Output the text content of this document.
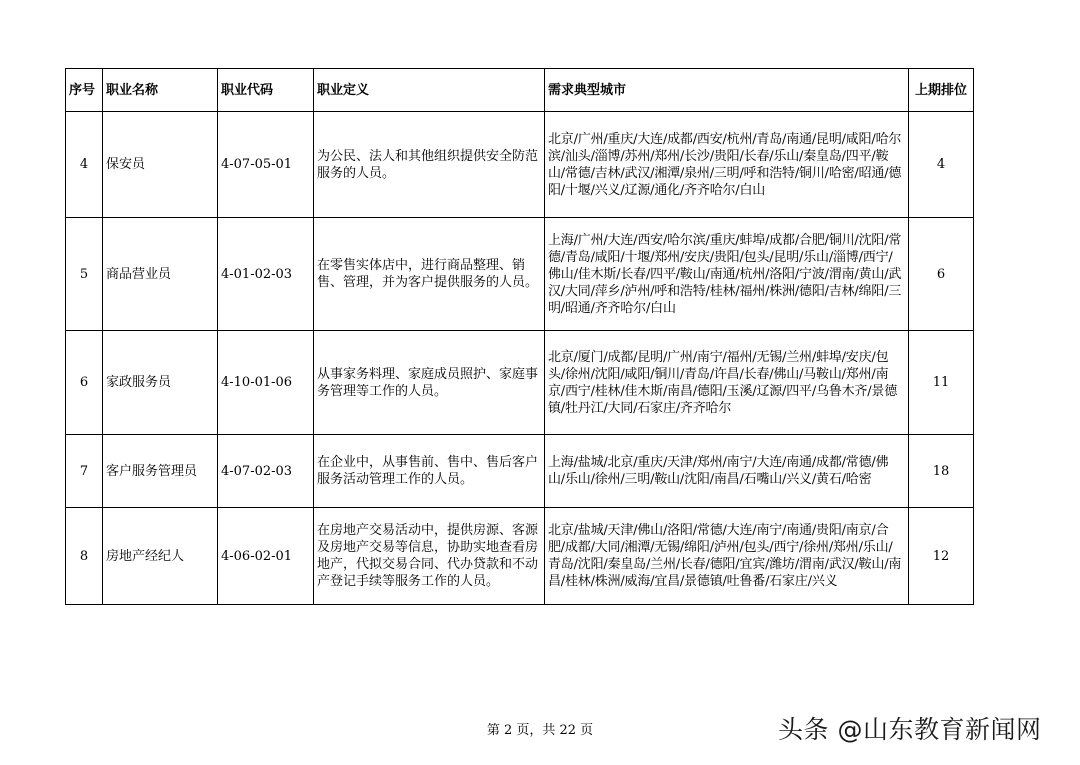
序号	职业名称	职业代码	职业定义	需求典型城市	上期排位
4	保安员	4-07-05-01	为公民、法人和其他组织提供安全防范服务的人员。	北京/广州/重庆/大连/成都/西安/杭州/青岛/南通/昆明/咸阳/哈尔滨/汕头/淄博/苏州/郑州/长沙/贵阳/长春/乐山/秦皇岛/四平/鞍山/常德/吉林/武汉/湘潭/泉州/三明/呼和浩特/铜川/哈密/昭通/德阳/十堰/兴义/辽源/通化/齐齐哈尔/白山	4
5	商品营业员	4-01-02-03	在零售实体店中，进行商品整理、销售、管理，并为客户提供服务的人员。	上海/广州/大连/西安/哈尔滨/重庆/蚌埠/成都/合肥/铜川/沈阳/常德/青岛/咸阳/十堰/郑州/安庆/贵阳/包头/昆明/乐山/淄博/西宁/佛山/佳木斯/长春/四平/鞍山/南通/杭州/洛阳/宁波/渭南/黄山/武汉/大同/萍乡/泸州/呼和浩特/桂林/福州/株洲/德阳/吉林/绵阳/三明/昭通/齐齐哈尔/白山	6
6	家政服务员	4-10-01-06	从事家务料理、家庭成员照护、家庭事务管理等工作的人员。	北京/厦门/成都/昆明/广州/南宁/福州/无锡/兰州/蚌埠/安庆/包头/徐州/沈阳/咸阳/铜川/青岛/许昌/长春/佛山/马鞍山/郑州/南京/西宁/桂林/佳木斯/南昌/德阳/玉溪/辽源/四平/乌鲁木齐/景德镇/牡丹江/大同/石家庄/齐齐哈尔	11
7	客户服务管理员	4-07-02-03	在企业中，从事售前、售中、售后客户服务活动管理工作的人员。	上海/盐城/北京/重庆/天津/郑州/南宁/大连/南通/成都/常德/佛山/乐山/徐州/三明/鞍山/沈阳/南昌/石嘴山/兴义/黄石/哈密	18
8	房地产经纪人	4-06-02-01	在房地产交易活动中，提供房源、客源及房地产交易等信息，协助实地查看房地产，代拟交易合同、代办贷款和不动产登记手续等服务工作的人员。	北京/盐城/天津/佛山/洛阳/常德/大连/南宁/南通/贵阳/南京/合肥/成都/大同/湘潭/无锡/绵阳/泸州/包头/西宁/徐州/郑州/乐山/青岛/沈阳/秦皇岛/兰州/长春/德阳/宜宾/潍坊/渭南/武汉/鞍山/南昌/桂林/株洲/威海/宜昌/景德镇/吐鲁番/石家庄/兴义	12
第 2 页，共 22 页	头条 @山东教育新闻网
